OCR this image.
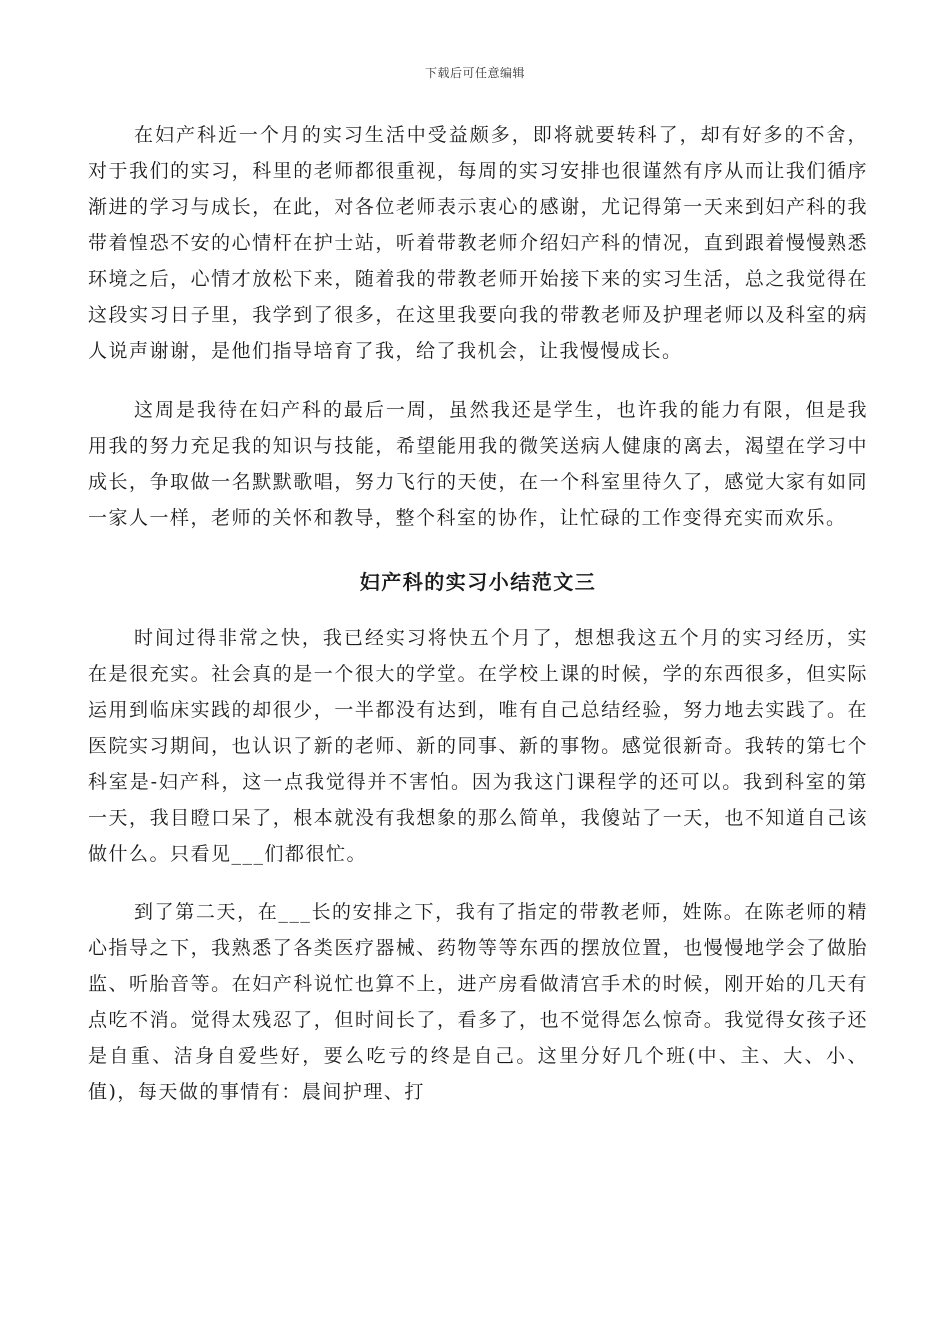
下载后可任意编辑

在妇产科近一个月的实习生活中受益颇多，即将就要转科了，却有好多的不舍，对于我们的实习，科里的老师都很重视，每周的实习安排也很谨然有序从而让我们循序渐进的学习与成长，在此，对各位老师表示衷心的感谢，尤记得第一天来到妇产科的我带着惶恐不安的心情杆在护士站，听着带教老师介绍妇产科的情况，直到跟着慢慢熟悉环境之后，心情才放松下来，随着我的带教老师开始接下来的实习生活，总之我觉得在这段实习日子里，我学到了很多，在这里我要向我的带教老师及护理老师以及科室的病人说声谢谢，是他们指导培育了我，给了我机会，让我慢慢成长。

这周是我待在妇产科的最后一周，虽然我还是学生，也许我的能力有限，但是我用我的努力充足我的知识与技能，希望能用我的微笑送病人健康的离去，渴望在学习中成长，争取做一名默默歌唱，努力飞行的天使，在一个科室里待久了，感觉大家有如同一家人一样，老师的关怀和教导，整个科室的协作，让忙碌的工作变得充实而欢乐。

妇产科的实习小结范文三

时间过得非常之快，我已经实习将快五个月了，想想我这五个月的实习经历，实在是很充实。社会真的是一个很大的学堂。在学校上课的时候，学的东西很多，但实际运用到临床实践的却很少，一半都没有达到，唯有自己总结经验，努力地去实践了。在医院实习期间，也认识了新的老师、新的同事、新的事物。感觉很新奇。我转的第七个科室是-妇产科，这一点我觉得并不害怕。因为我这门课程学的还可以。我到科室的第一天，我目瞪口呆了，根本就没有我想象的那么简单，我傻站了一天，也不知道自己该做什么。只看见___们都很忙。

到了第二天，在___长的安排之下，我有了指定的带教老师，姓陈。在陈老师的精心指导之下，我熟悉了各类医疗器械、药物等等东西的摆放位置，也慢慢地学会了做胎监、听胎音等。在妇产科说忙也算不上，进产房看做清宫手术的时候，刚开始的几天有点吃不消。觉得太残忍了，但时间长了，看多了，也不觉得怎么惊奇。我觉得女孩子还是自重、洁身自爱些好，要么吃亏的终是自己。这里分好几个班(中、主、大、小、值)，每天做的事情有：晨间护理、打
